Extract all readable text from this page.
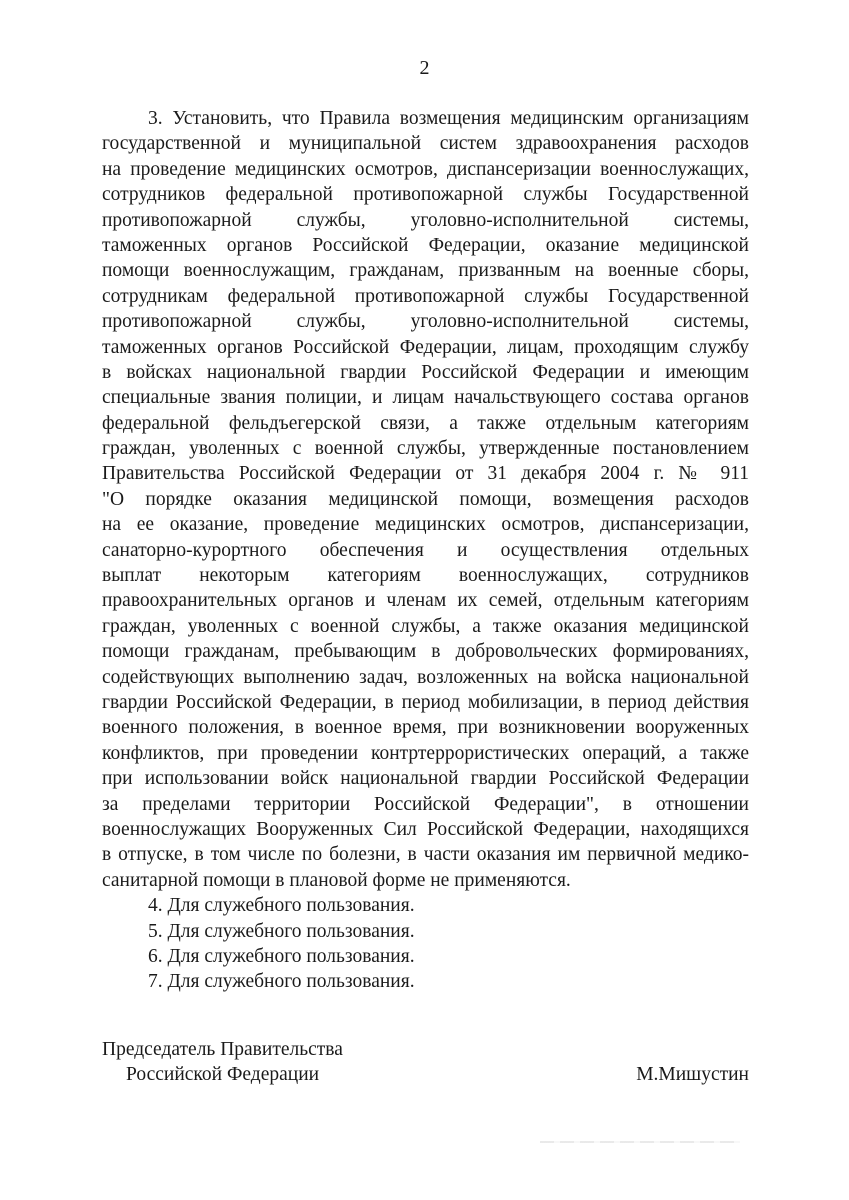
2
3. Установить, что Правила возмещения медицинским организациям
государственной и муниципальной систем здравоохранения расходов
на проведение медицинских осмотров, диспансеризации военнослужащих,
сотрудников федеральной противопожарной службы Государственной
противопожарной службы, уголовно-исполнительной системы,
таможенных органов Российской Федерации, оказание медицинской
помощи военнослужащим, гражданам, призванным на военные сборы,
сотрудникам федеральной противопожарной службы Государственной
противопожарной службы, уголовно-исполнительной системы,
таможенных органов Российской Федерации, лицам, проходящим службу
в войсках национальной гвардии Российской Федерации и имеющим
специальные звания полиции, и лицам начальствующего состава органов
федеральной фельдъегерской связи, а также отдельным категориям
граждан, уволенных с военной службы, утвержденные постановлением
Правительства Российской Федерации от 31 декабря 2004 г. № 911
"О порядке оказания медицинской помощи, возмещения расходов
на ее оказание, проведение медицинских осмотров, диспансеризации,
санаторно-курортного обеспечения и осуществления отдельных
выплат некоторым категориям военнослужащих, сотрудников
правоохранительных органов и членам их семей, отдельным категориям
граждан, уволенных с военной службы, а также оказания медицинской
помощи гражданам, пребывающим в добровольческих формированиях,
содействующих выполнению задач, возложенных на войска национальной
гвардии Российской Федерации, в период мобилизации, в период действия
военного положения, в военное время, при возникновении вооруженных
конфликтов, при проведении контртеррористических операций, а также
при использовании войск национальной гвардии Российской Федерации
за пределами территории Российской Федерации", в отношении
военнослужащих Вооруженных Сил Российской Федерации, находящихся
в отпуске, в том числе по болезни, в части оказания им первичной медико-
санитарной помощи в плановой форме не применяются.
4. Для служебного пользования.
5. Для служебного пользования.
6. Для служебного пользования.
7. Для служебного пользования.
Председатель Правительства
Российской Федерации	М.Мишустин
